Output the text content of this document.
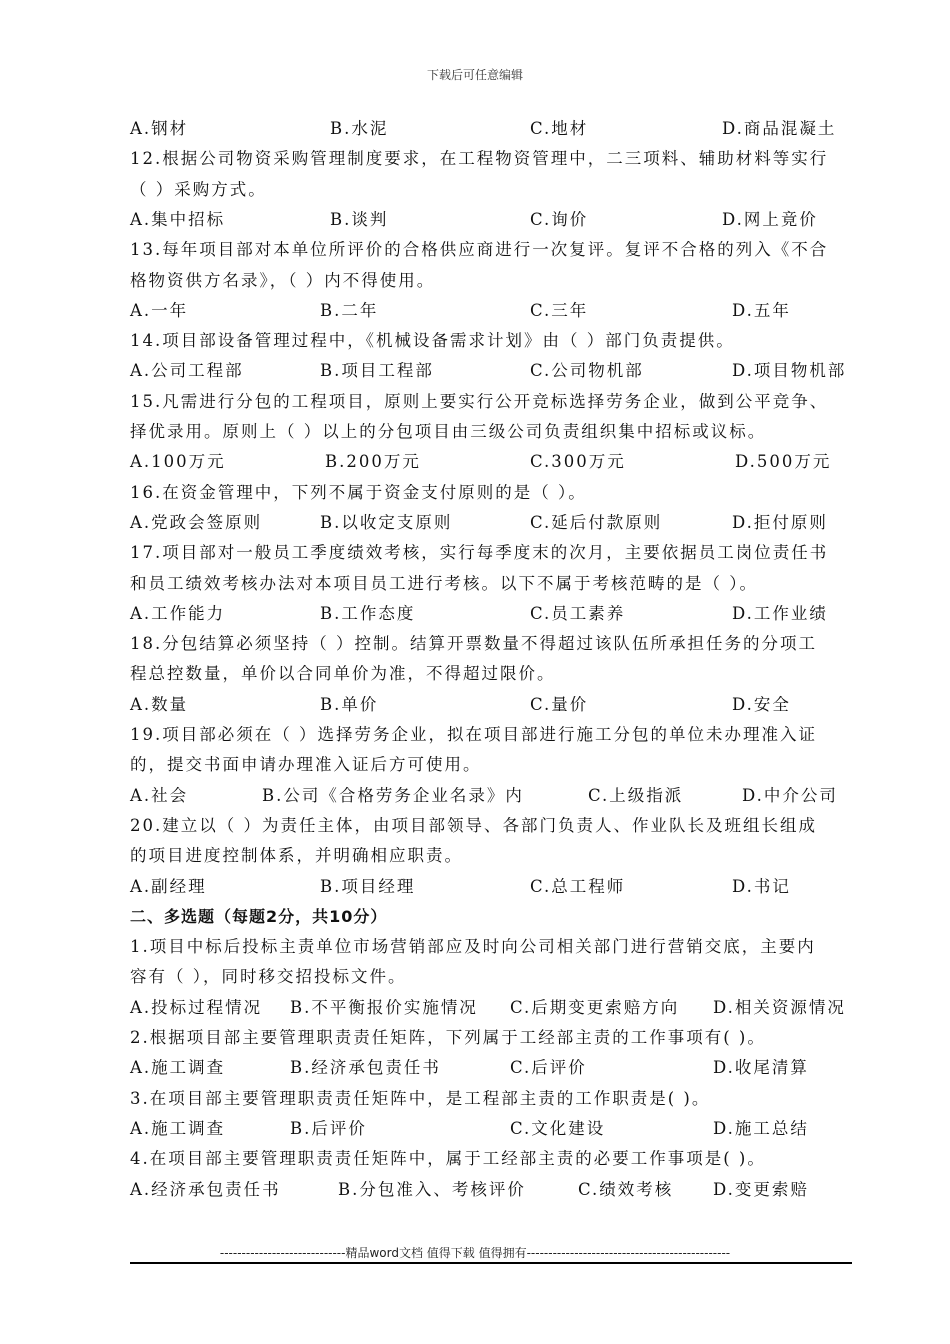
下载后可任意编辑
A.钢材	B.水泥	C.地材	D.商品混凝土
12.根据公司物资采购管理制度要求，在工程物资管理中，二三项料、辅助材料等实行
（ ）采购方式。
A.集中招标	B.谈判	C.询价	D.网上竟价
13.每年项目部对本单位所评价的合格供应商进行一次复评。复评不合格的列入《不合
格物资供方名录》，（ ）内不得使用。
A.一年	B.二年	C.三年	D.五年
14.项目部设备管理过程中，《机械设备需求计划》由（ ）部门负责提供。
A.公司工程部	B.项目工程部	C.公司物机部	D.项目物机部
15.凡需进行分包的工程项目，原则上要实行公开竞标选择劳务企业，做到公平竞争、
择优录用。原则上（ ）以上的分包项目由三级公司负责组织集中招标或议标。
A.100万元	B.200万元	C.300万元	D.500万元
16.在资金管理中，下列不属于资金支付原则的是（ ）。
A.党政会签原则	B.以收定支原则	C.延后付款原则	D.拒付原则
17.项目部对一般员工季度绩效考核，实行每季度末的次月，主要依据员工岗位责任书
和员工绩效考核办法对本项目员工进行考核。以下不属于考核范畴的是（ ）。
A.工作能力	B.工作态度	C.员工素养	D.工作业绩
18.分包结算必须坚持（ ）控制。结算开票数量不得超过该队伍所承担任务的分项工
程总控数量，单价以合同单价为准，不得超过限价。
A.数量	B.单价	C.量价	D.安全
19.项目部必须在（ ）选择劳务企业，拟在项目部进行施工分包的单位未办理准入证
的，提交书面申请办理准入证后方可使用。
A.社会	B.公司《合格劳务企业名录》内	C.上级指派	D.中介公司
20.建立以（ ）为责任主体，由项目部领导、各部门负责人、作业队长及班组长组成
的项目进度控制体系，并明确相应职责。
A.副经理	B.项目经理	C.总工程师	D.书记
二、多选题（每题2分，共10分）
1.项目中标后投标主责单位市场营销部应及时向公司相关部门进行营销交底，主要内
容有（ ），同时移交招投标文件。
A.投标过程情况 B.不平衡报价实施情况 C.后期变更索赔方向 D.相关资源情况
2.根据项目部主要管理职责责任矩阵，下列属于工经部主责的工作事项有( )。
A.施工调查	B.经济承包责任书	C.后评价	D.收尾清算
3.在项目部主要管理职责责任矩阵中，是工程部主责的工作职责是( )。
A.施工调查	B.后评价	C.文化建设	D.施工总结
4.在项目部主要管理职责责任矩阵中，属于工经部主责的必要工作事项是( )。
A.经济承包责任书	B.分包准入、考核评价	C.绩效考核 D.变更索赔
-----------------------------精品word文档 值得下载 值得拥有-----------------------------------------------
